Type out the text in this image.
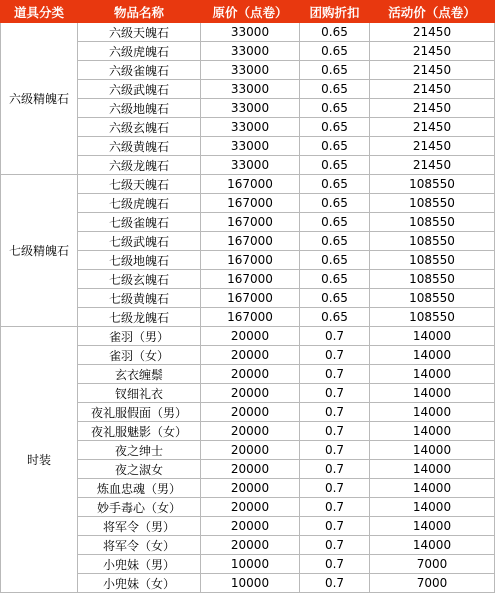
道具分类	物品名称	原价（点卷）	团购折扣	活动价（点卷）
六级精魄石	六级天魄石	33000	0.65	21450
	六级虎魄石	33000	0.65	21450
	六级雀魄石	33000	0.65	21450
	六级武魄石	33000	0.65	21450
	六级地魄石	33000	0.65	21450
	六级玄魄石	33000	0.65	21450
	六级黄魄石	33000	0.65	21450
	六级龙魄石	33000	0.65	21450
七级精魄石	七级天魄石	167000	0.65	108550
	七级虎魄石	167000	0.65	108550
	七级雀魄石	167000	0.65	108550
	七级武魄石	167000	0.65	108550
	七级地魄石	167000	0.65	108550
	七级玄魄石	167000	0.65	108550
	七级黄魄石	167000	0.65	108550
	七级龙魄石	167000	0.65	108550
时装	雀羽（男）	20000	0.7	14000
	雀羽（女）	20000	0.7	14000
	玄衣缠鬃	20000	0.7	14000
	钗细礼衣	20000	0.7	14000
	夜礼服假面（男）	20000	0.7	14000
	夜礼服魅影（女）	20000	0.7	14000
	夜之绅士	20000	0.7	14000
	夜之淑女	20000	0.7	14000
	炼血忠魂（男）	20000	0.7	14000
	妙手毒心（女）	20000	0.7	14000
	将军令（男）	20000	0.7	14000
	将军令（女）	20000	0.7	14000
	小兜妹（男）	10000	0.7	7000
	小兜妹（女）	10000	0.7	7000
